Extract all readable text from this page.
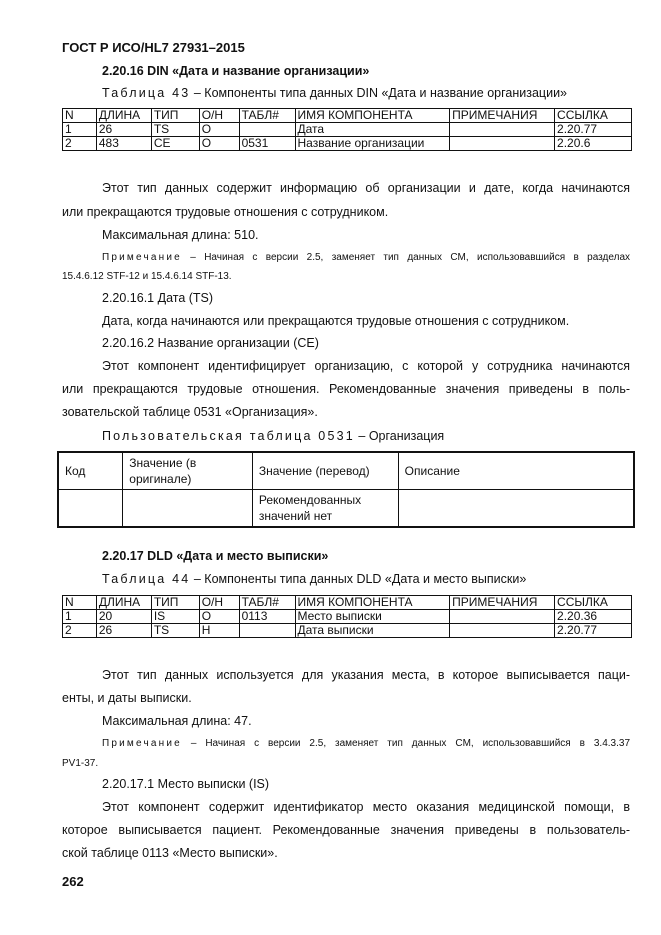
ГОСТ Р ИСО/HL7 27931–2015
2.20.16 DIN «Дата и название организации»
Таблица 43 – Компоненты типа данных DIN «Дата и название организации»
N	ДЛИНА	ТИП	О/Н	ТАБЛ#	ИМЯ КОМПОНЕНТА	ПРИМЕЧАНИЯ	ССЫЛКА
1	26	TS	O		Дата		2.20.77
2	483	CE	O	0531	Название организации		2.20.6
Этот тип данных содержит информацию об организации и дате, когда начинаются
или прекращаются трудовые отношения с сотрудником.
Максимальная длина: 510.
Примечание – Начиная с версии 2.5, заменяет тип данных CM, использовавшийся в разделах
15.4.6.12 STF-12 и 15.4.6.14 STF-13.
2.20.16.1 Дата (TS)
Дата, когда начинаются или прекращаются трудовые отношения с сотрудником.
2.20.16.2 Название организации (CE)
Этот компонент идентифицирует организацию, с которой у сотрудника начинаются
или прекращаются трудовые отношения. Рекомендованные значения приведены в поль-
зовательской таблице 0531 «Организация».
Пользовательская таблица 0531 – Организация
Код	Значение (в оригинале)	Значение (перевод)	Описание
		Рекомендованных значений нет	
2.20.17 DLD «Дата и место выписки»
Таблица 44 – Компоненты типа данных DLD «Дата и место выписки»
N	ДЛИНА	ТИП	О/Н	ТАБЛ#	ИМЯ КОМПОНЕНТА	ПРИМЕЧАНИЯ	ССЫЛКА
1	20	IS	O	0113	Место выписки		2.20.36
2	26	TS	H		Дата выписки		2.20.77
Этот тип данных используется для указания места, в которое выписывается паци-
енты, и даты выписки.
Максимальная длина: 47.
Примечание – Начиная с версии 2.5, заменяет тип данных CM, использовавшийся в 3.4.3.37
PV1-37.
2.20.17.1 Место выписки (IS)
Этот компонент содержит идентификатор место оказания медицинской помощи, в
которое выписывается пациент. Рекомендованные значения приведены в пользователь-
ской таблице 0113 «Место выписки».
262
